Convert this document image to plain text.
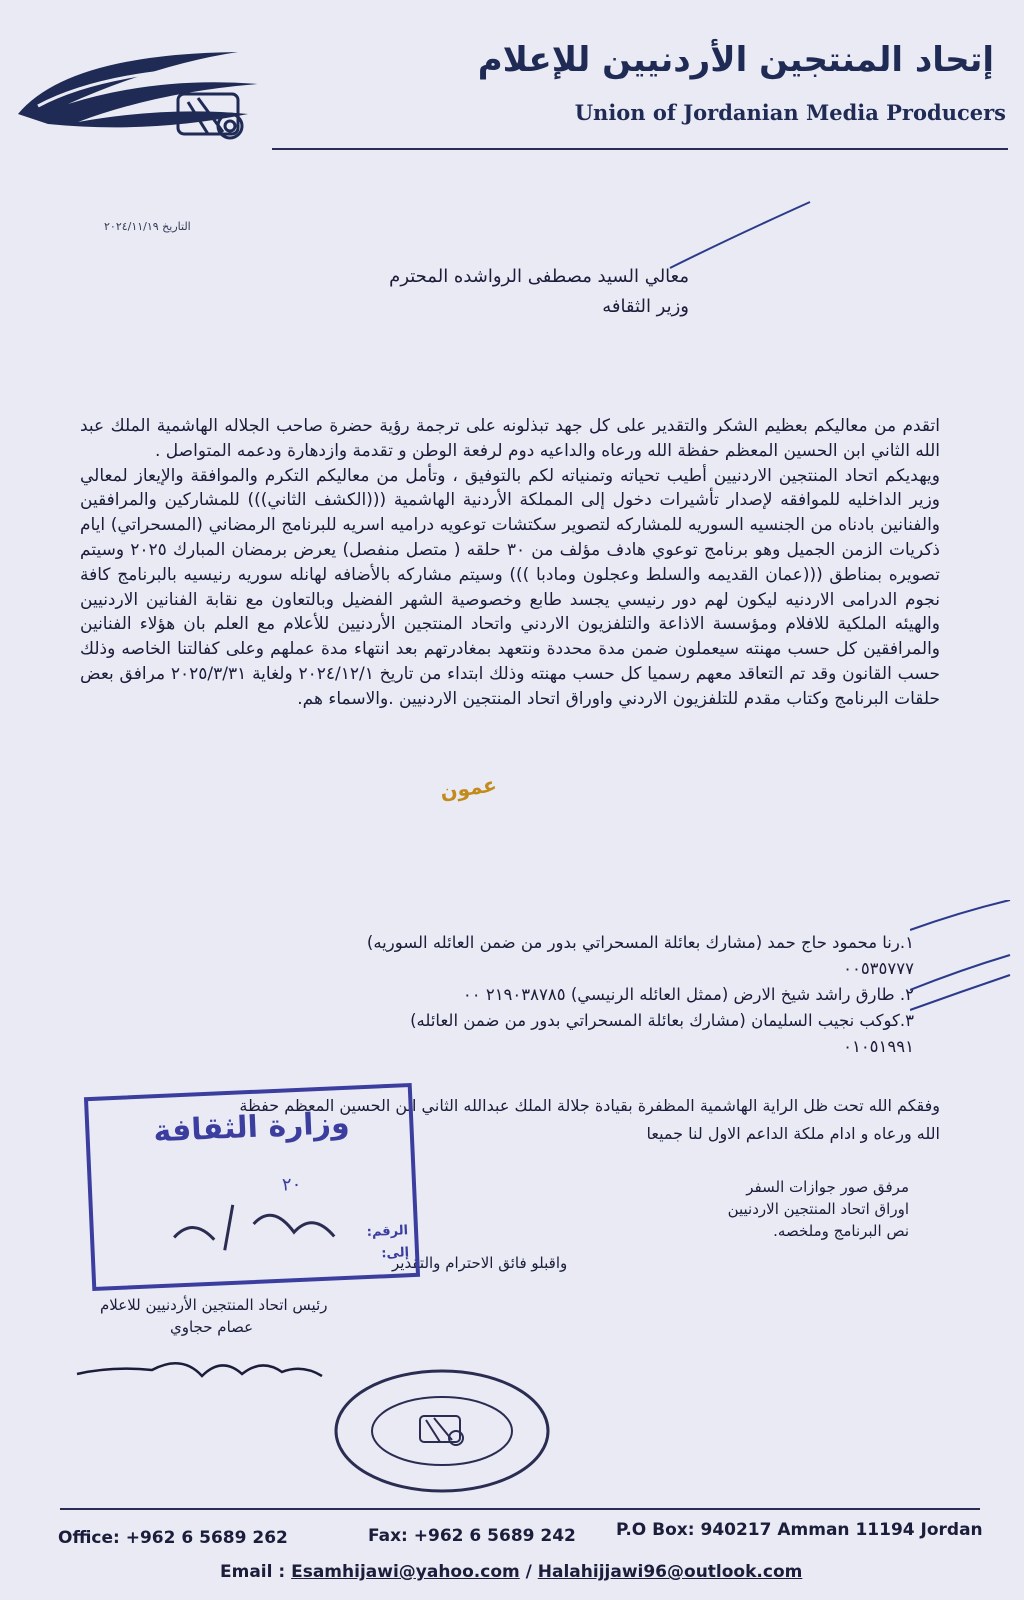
إتحاد المنتجين الأردنيين للإعلام
Union of Jordanian Media Producers
التاريخ ٢٠٢٤/١١/١٩
معالي السيد مصطفى الرواشده المحترم
وزير الثقافه

اتقدم من معاليكم بعظيم الشكر والتقدير على كل جهد تبذلونه على ترجمة رؤية حضرة صاحب الجلاله الهاشمية الملك عبد الله الثاني ابن الحسين المعظم حفظة الله ورعاه والداعيه دوم لرفعة الوطن و تقدمة وازدهارة ودعمه المتواصل .

ويهديكم اتحاد المنتجين الاردنيين أطيب تحياته وتمنياته لكم بالتوفيق ، وتأمل من معاليكم التكرم والموافقة والإيعاز لمعالي وزير الداخليه للموافقه لإصدار تأشيرات دخول إلى المملكة الأردنية الهاشمية (((الكشف الثاني))) للمشاركين والمرافقين والفنانين بادناه من الجنسيه السوريه للمشاركه لتصوير سكتشات توعويه دراميه اسريه للبرنامج الرمضاني (المسحراتي) ايام ذكريات الزمن الجميل وهو برنامج توعوي هادف مؤلف من ٣٠ حلقه ( متصل منفصل) يعرض برمضان المبارك ٢٠٢٥ وسيتم تصويره بمناطق (((عمان القديمه والسلط وعجلون ومادبا ))) وسيتم مشاركه بالأضافه لهانله سوريه رنيسيه بالبرنامج كافة نجوم الدرامى الاردنيه ليكون لهم دور رنيسي يجسد طابع وخصوصية الشهر الفضيل وبالتعاون مع نقابة الفنانين الاردنيين والهيئه الملكية للافلام ومؤسسة الاذاعة والتلفزيون الاردني واتحاد المنتجين الأردنيين للأعلام مع العلم بان هؤلاء الفنانين والمرافقين كل حسب مهنته سيعملون ضمن مدة محددة ونتعهد بمغادرتهم بعد انتهاء مدة عملهم وعلى كفالتنا الخاصه وذلك حسب القانون وقد تم التعاقد معهم رسميا كل حسب مهنته وذلك ابتداء من تاريخ ٢٠٢٤/١٢/١ ولغاية ٢٠٢٥/٣/٣١ مرافق بعض حلقات البرنامج وكتاب مقدم للتلفزيون الاردني واوراق اتحاد المنتجين الاردنيين .والاسماء هم.

عمون
١.رنا محمود حاج حمد (مشارك بعائلة المسحراتي بدور من ضمن العائله السوريه)
٠٠٥٣٥٧٧٧
٢. طارق راشد شيخ الارض (ممثل العائله الرنيسي) ٢١٩٠٣٨٧٨٥ ٠٠
٣.كوكب نجيب السليمان (مشارك بعائلة المسحراتي بدور من ضمن العائله)
٠١٠٥١٩٩١
وفقكم الله تحت ظل الراية الهاشمية المظفرة بقيادة جلالة الملك عبدالله الثاني ابن الحسين المعظم حفظة
الله ورعاه و ادام ملكة الداعم الاول لنا جميعا
مرفق صور جوازات السفر
اوراق اتحاد المنتجين الاردنيين
نص البرنامج وملخصه.
واقبلو فائق الاحترام والتقدير
رئيس اتحاد المنتجين الأردنيين للاعلام
عصام حجاوي
وزارة الثقافة
٢٠
الرقم:
إلى:
Office: +962 6 5689 262	Fax: +962 6 5689 242 P.O Box: 940217 Amman 11194 Jordan
Email : Esamhijawi@yahoo.com / Halahijjawi96@outlook.com
